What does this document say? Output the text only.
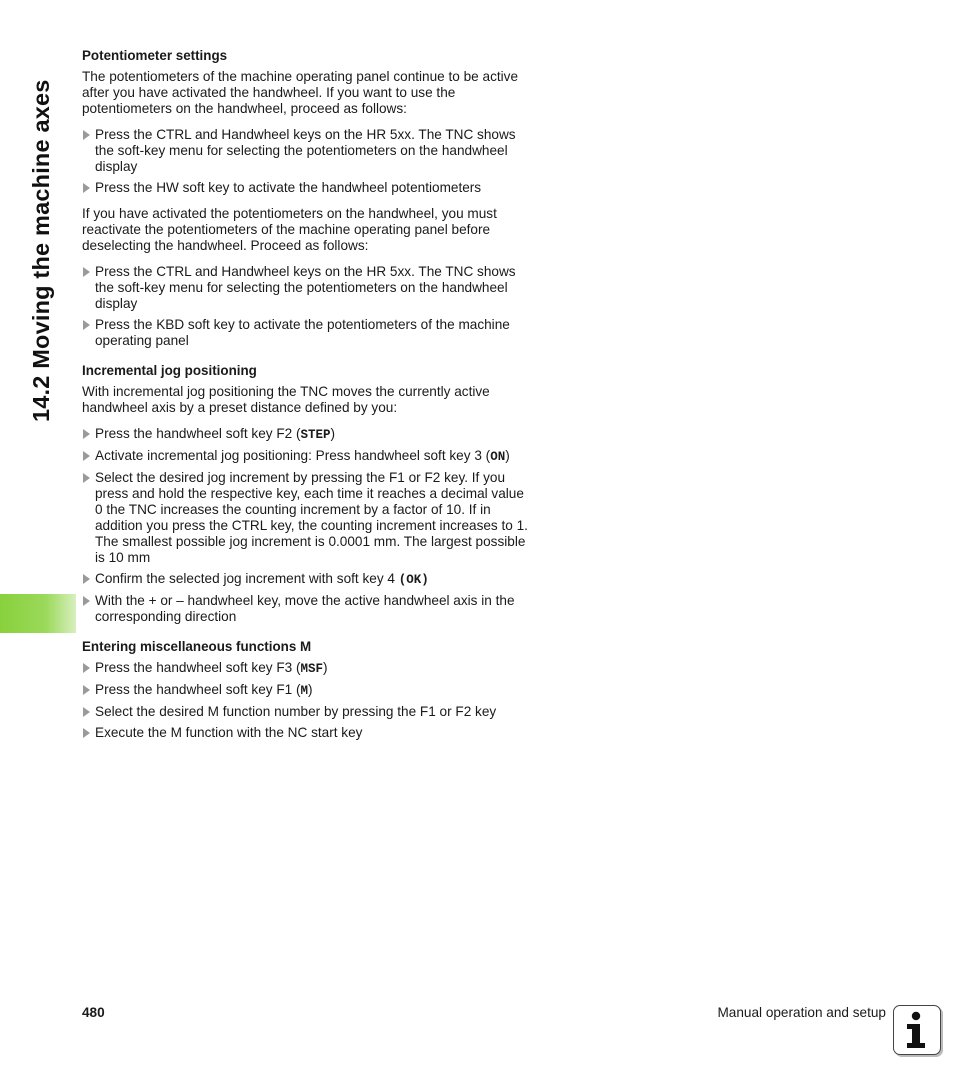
14.2 Moving the machine axes
Potentiometer settings

The potentiometers of the machine operating panel continue to be active after you have activated the handwheel. If you want to use the potentiometers on the handwheel, proceed as follows:

Press the CTRL and Handwheel keys on the HR 5xx. The TNC shows the soft-key menu for selecting the potentiometers on the handwheel display
Press the HW soft key to activate the handwheel potentiometers

If you have activated the potentiometers on the handwheel, you must reactivate the potentiometers of the machine operating panel before deselecting the handwheel. Proceed as follows:

Press the CTRL and Handwheel keys on the HR 5xx. The TNC shows the soft-key menu for selecting the potentiometers on the handwheel display
Press the KBD soft key to activate the potentiometers of the machine operating panel
Incremental jog positioning

With incremental jog positioning the TNC moves the currently active handwheel axis by a preset distance defined by you:

Press the handwheel soft key F2 (STEP)
Activate incremental jog positioning: Press handwheel soft key 3 (ON)
Select the desired jog increment by pressing the F1 or F2 key. If you press and hold the respective key, each time it reaches a decimal value 0 the TNC increases the counting increment by a factor of 10. If in addition you press the CTRL key, the counting increment increases to 1. The smallest possible jog increment is 0.0001 mm. The largest possible is 10 mm
Confirm the selected jog increment with soft key 4 (OK)
With the + or – handwheel key, move the active handwheel axis in the corresponding direction
Entering miscellaneous functions M
Press the handwheel soft key F3 (MSF)
Press the handwheel soft key F1 (M)
Select the desired M function number by pressing the F1 or F2 key
Execute the M function with the NC start key
480	Manual operation and setup
